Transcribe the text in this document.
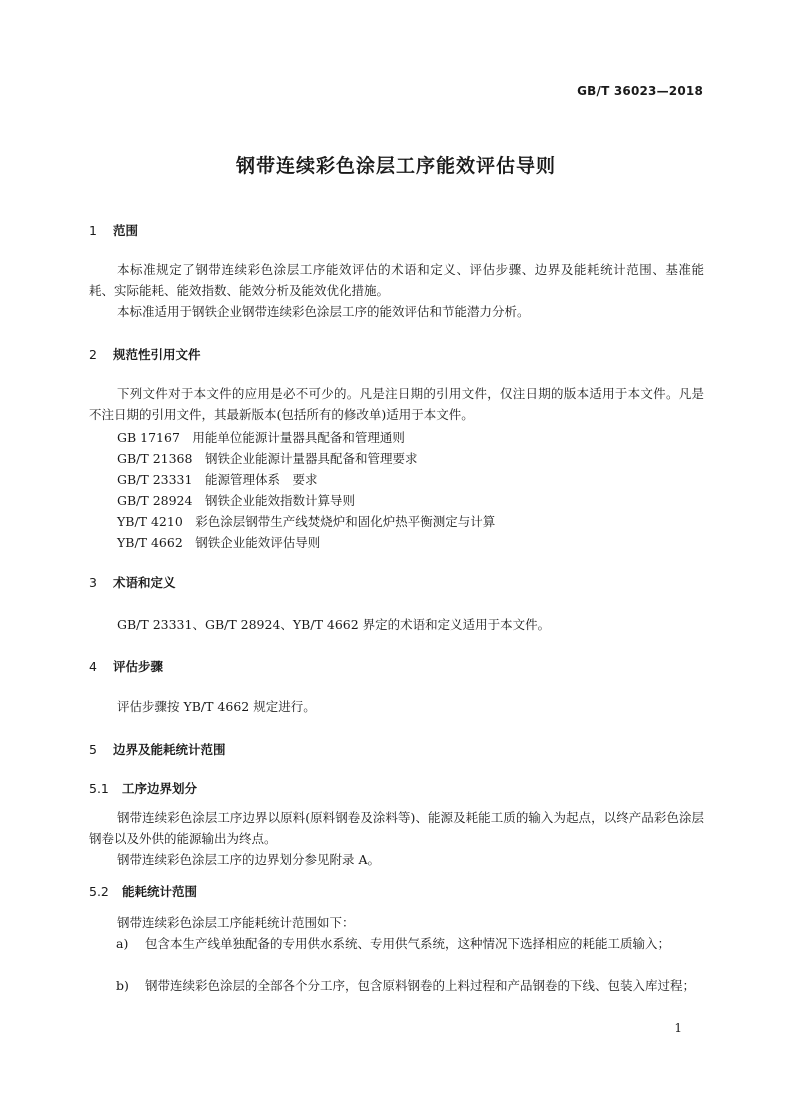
GB/T 36023—2018
钢带连续彩色涂层工序能效评估导则
1 范围
本标准规定了钢带连续彩色涂层工序能效评估的术语和定义、评估步骤、边界及能耗统计范围、基准能耗、实际能耗、能效指数、能效分析及能效优化措施。
本标准适用于钢铁企业钢带连续彩色涂层工序的能效评估和节能潜力分析。
2 规范性引用文件
下列文件对于本文件的应用是必不可少的。凡是注日期的引用文件，仅注日期的版本适用于本文件。凡是不注日期的引用文件，其最新版本(包括所有的修改单)适用于本文件。
GB 17167　用能单位能源计量器具配备和管理通则
GB/T 21368　钢铁企业能源计量器具配备和管理要求
GB/T 23331　能源管理体系　要求
GB/T 28924　钢铁企业能效指数计算导则
YB/T 4210　彩色涂层钢带生产线焚烧炉和固化炉热平衡测定与计算
YB/T 4662　钢铁企业能效评估导则
3 术语和定义
GB/T 23331、GB/T 28924、YB/T 4662 界定的术语和定义适用于本文件。
4 评估步骤
评估步骤按 YB/T 4662 规定进行。
5 边界及能耗统计范围
5.1 工序边界划分
钢带连续彩色涂层工序边界以原料(原料钢卷及涂料等)、能源及耗能工质的输入为起点，以终产品彩色涂层钢卷以及外供的能源输出为终点。
钢带连续彩色涂层工序的边界划分参见附录 A。
5.2 能耗统计范围
钢带连续彩色涂层工序能耗统计范围如下：
a) 包含本生产线单独配备的专用供水系统、专用供气系统，这种情况下选择相应的耗能工质输入；
b) 钢带连续彩色涂层的全部各个分工序，包含原料钢卷的上料过程和产品钢卷的下线、包装入库过程；
1
